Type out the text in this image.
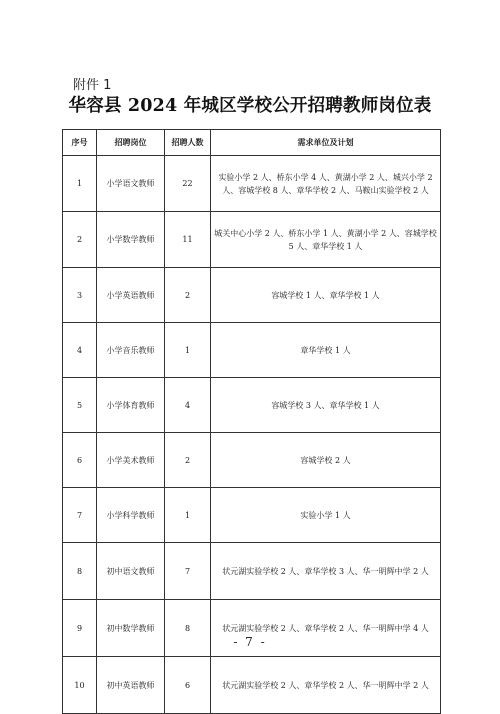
附件 1
华容县 2024 年城区学校公开招聘教师岗位表
序号	招聘岗位	招聘人数	需求单位及计划
1	小学语文教师	22	实验小学 2 人、桥东小学 4 人、黄湖小学 2 人、城兴小学 2 人、容城学校 8 人、章华学校 2 人、马鞍山实验学校 2 人
2	小学数学教师	11	城关中心小学 2 人、桥东小学 1 人、黄湖小学 2 人、容城学校 5 人、章华学校 1 人
3	小学英语教师	2	容城学校 1 人、章华学校 1 人
4	小学音乐教师	1	章华学校 1 人
5	小学体育教师	4	容城学校 3 人、章华学校 1 人
6	小学美术教师	2	容城学校 2 人
7	小学科学教师	1	实验小学 1 人
8	初中语文教师	7	状元湖实验学校 2 人、章华学校 3 人、华一明辉中学 2 人
9	初中数学教师	8	状元湖实验学校 2 人、章华学校 2 人、华一明辉中学 4 人
10	初中英语教师	6	状元湖实验学校 2 人、章华学校 2 人、华一明辉中学 2 人
- 7 -
